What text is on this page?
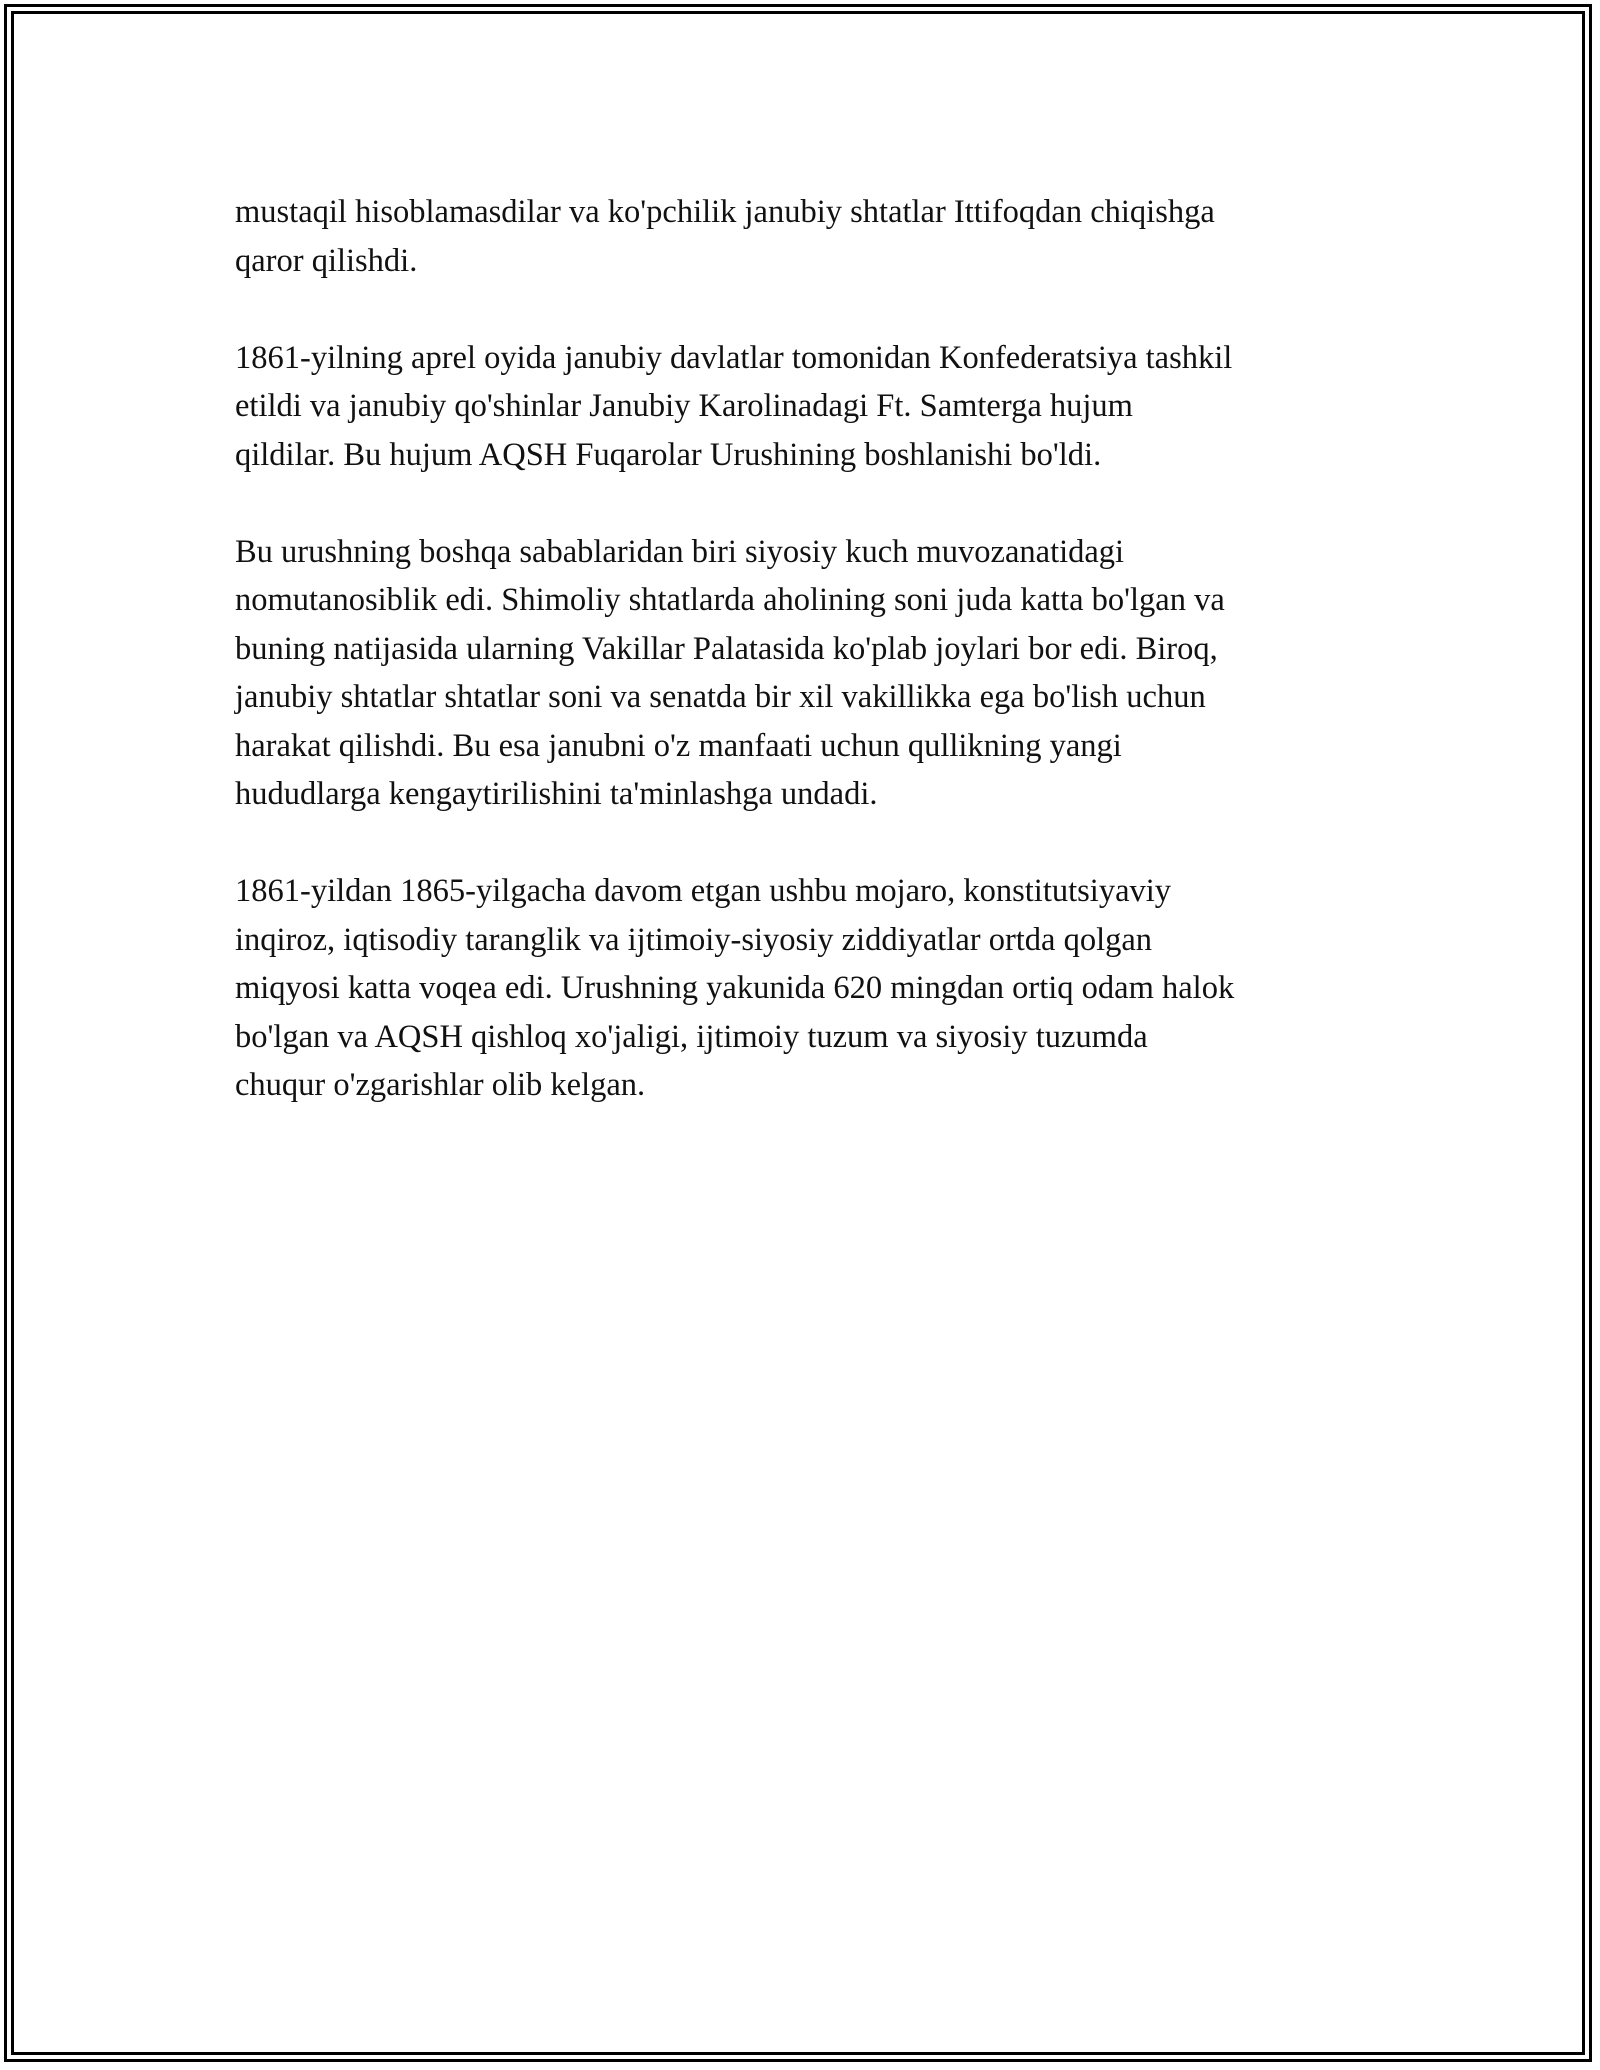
mustaqil hisoblamasdilar va ko'pchilik janubiy shtatlar Ittifoqdan chiqishga
qaror qilishdi.

1861-yilning aprel oyida janubiy davlatlar tomonidan Konfederatsiya tashkil
etildi va janubiy qo'shinlar Janubiy Karolinadagi Ft. Samterga hujum
qildilar. Bu hujum AQSH Fuqarolar Urushining boshlanishi bo'ldi.

Bu urushning boshqa sabablaridan biri siyosiy kuch muvozanatidagi
nomutanosiblik edi. Shimoliy shtatlarda aholining soni juda katta bo'lgan va
buning natijasida ularning Vakillar Palatasida ko'plab joylari bor edi. Biroq,
janubiy shtatlar shtatlar soni va senatda bir xil vakillikka ega bo'lish uchun
harakat qilishdi. Bu esa janubni o'z manfaati uchun qullikning yangi
hududlarga kengaytirilishini ta'minlashga undadi.

1861-yildan 1865-yilgacha davom etgan ushbu mojaro, konstitutsiyaviy
inqiroz, iqtisodiy taranglik va ijtimoiy-siyosiy ziddiyatlar ortda qolgan
miqyosi katta voqea edi. Urushning yakunida 620 mingdan ortiq odam halok
bo'lgan va AQSH qishloq xo'jaligi, ijtimoiy tuzum va siyosiy tuzumda
chuqur o'zgarishlar olib kelgan.
